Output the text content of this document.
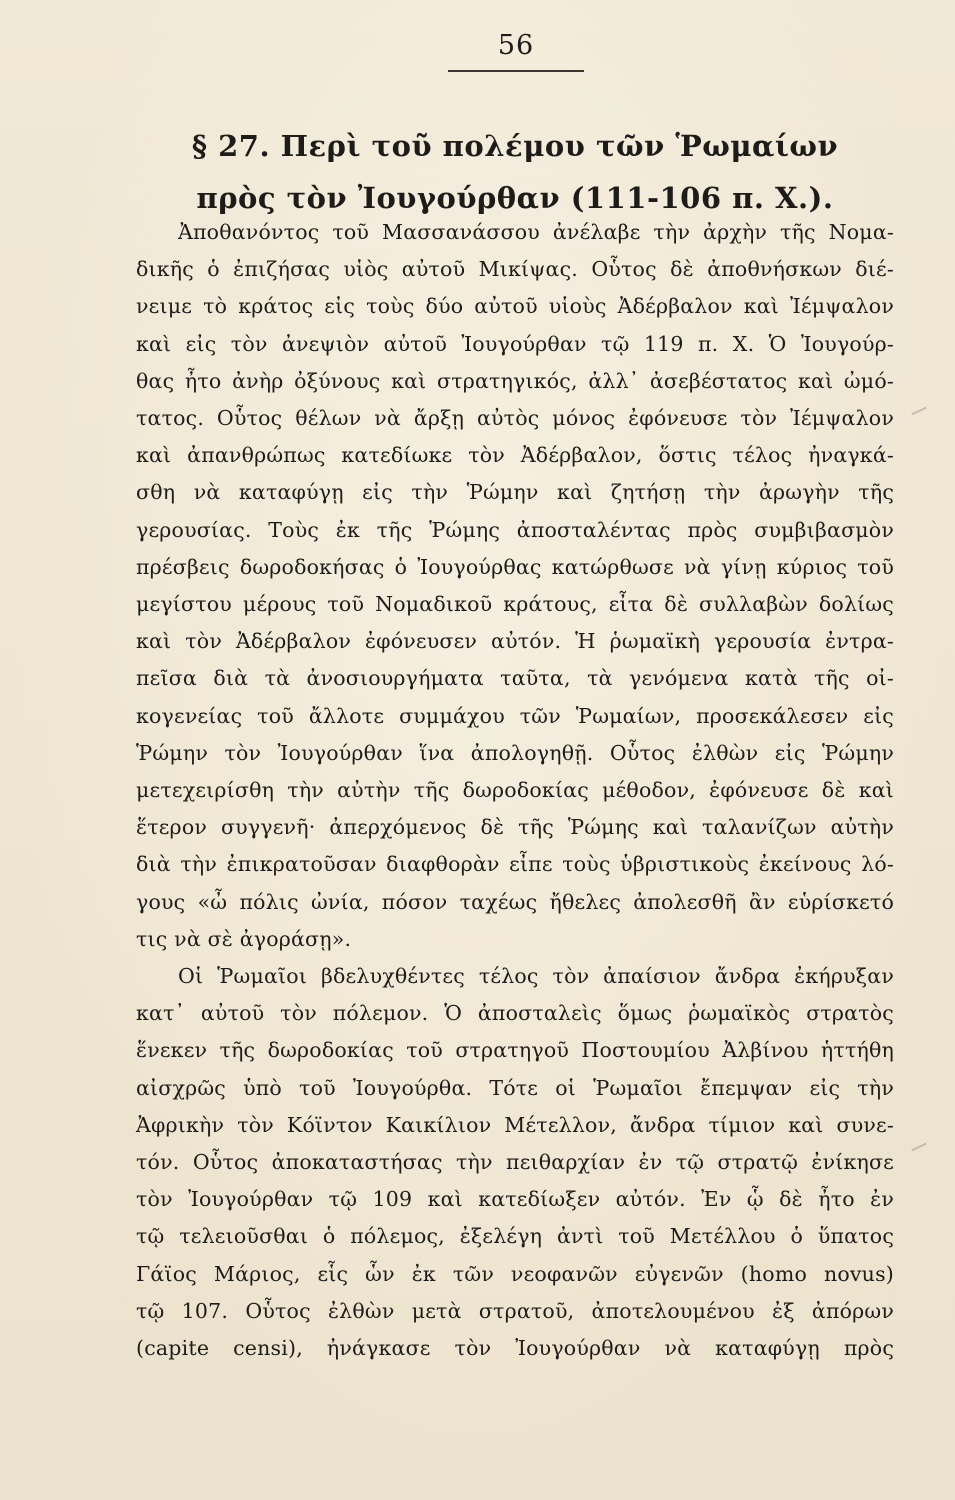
56
§ 27. Περὶ τοῦ πολέμου τῶν Ῥωμαίων
πρὸς τὸν Ἰουγούρθαν (111-106 π. Χ.).
Ἀποθανόντος τοῦ Μασσανάσσου ἀνέλαβε τὴν ἀρχὴν τῆς Νομα-
δικῆς ὁ ἐπιζήσας υἱὸς αὐτοῦ Μικίψας. Οὗτος δὲ ἀποθνήσκων διέ-
νειμε τὸ κράτος εἰς τοὺς δύο αὐτοῦ υἱοὺς Ἀδέρβαλον καὶ Ἰέμψαλον
καὶ εἰς τὸν ἀνεψιὸν αὐτοῦ Ἰουγούρθαν τῷ 119 π. Χ. Ὁ Ἰουγούρ-
θας ἦτο ἀνὴρ ὀξύνους καὶ στρατηγικός, ἀλλ᾽ ἀσεβέστατος καὶ ὠμό-
τατος. Οὗτος θέλων νὰ ἄρξῃ αὐτὸς μόνος ἐφόνευσε τὸν Ἰέμψαλον
καὶ ἀπανθρώπως κατεδίωκε τὸν Ἀδέρβαλον, ὅστις τέλος ἠναγκά-
σθη νὰ καταφύγῃ εἰς τὴν Ῥώμην καὶ ζητήσῃ τὴν ἀρωγὴν τῆς
γερουσίας. Τοὺς ἐκ τῆς Ῥώμης ἀποσταλέντας πρὸς συμβιβασμὸν
πρέσβεις δωροδοκήσας ὁ Ἰουγούρθας κατώρθωσε νὰ γίνῃ κύριος τοῦ
μεγίστου μέρους τοῦ Νομαδικοῦ κράτους, εἶτα δὲ συλλαβὼν δολίως
καὶ τὸν Ἀδέρβαλον ἐφόνευσεν αὐτόν. Ἡ ῥωμαϊκὴ γερουσία ἐντρα-
πεῖσα διὰ τὰ ἀνοσιουργήματα ταῦτα, τὰ γενόμενα κατὰ τῆς οἰ-
κογενείας τοῦ ἄλλοτε συμμάχου τῶν Ῥωμαίων, προσεκάλεσεν εἰς
Ῥώμην τὸν Ἰουγούρθαν ἵνα ἀπολογηθῇ. Οὗτος ἐλθὼν εἰς Ῥώμην
μετεχειρίσθη τὴν αὐτὴν τῆς δωροδοκίας μέθοδον, ἐφόνευσε δὲ καὶ
ἕτερον συγγενῆ· ἀπερχόμενος δὲ τῆς Ῥώμης καὶ ταλανίζων αὐτὴν
διὰ τὴν ἐπικρατοῦσαν διαφθορὰν εἶπε τοὺς ὑβριστικοὺς ἐκείνους λό-
γους «ὦ πόλις ὠνία, πόσον ταχέως ἤθελες ἀπολεσθῆ ἂν εὑρίσκετό
τις νὰ σὲ ἀγοράσῃ».
Οἱ Ῥωμαῖοι βδελυχθέντες τέλος τὸν ἀπαίσιον ἄνδρα ἐκήρυξαν
κατ᾽ αὐτοῦ τὸν πόλεμον. Ὁ ἀποσταλεὶς ὅμως ῥωμαϊκὸς στρατὸς
ἕνεκεν τῆς δωροδοκίας τοῦ στρατηγοῦ Ποστουμίου Ἀλβίνου ἡττήθη
αἰσχρῶς ὑπὸ τοῦ Ἰουγούρθα. Τότε οἱ Ῥωμαῖοι ἔπεμψαν εἰς τὴν
Ἀφρικὴν τὸν Κόϊντον Καικίλιον Μέτελλον, ἄνδρα τίμιον καὶ συνε-
τόν. Οὗτος ἀποκαταστήσας τὴν πειθαρχίαν ἐν τῷ στρατῷ ἐνίκησε
τὸν Ἰουγούρθαν τῷ 109 καὶ κατεδίωξεν αὐτόν. Ἐν ᾧ δὲ ἦτο ἐν
τῷ τελειοῦσθαι ὁ πόλεμος, ἐξελέγη ἀντὶ τοῦ Μετέλλου ὁ ὕπατος
Γάϊος Μάριος, εἷς ὧν ἐκ τῶν νεοφανῶν εὐγενῶν (homo novus)
τῷ 107. Οὗτος ἐλθὼν μετὰ στρατοῦ, ἀποτελουμένου ἐξ ἀπόρων
(capite censi), ἠνάγκασε τὸν Ἰουγούρθαν νὰ καταφύγῃ πρὸς
